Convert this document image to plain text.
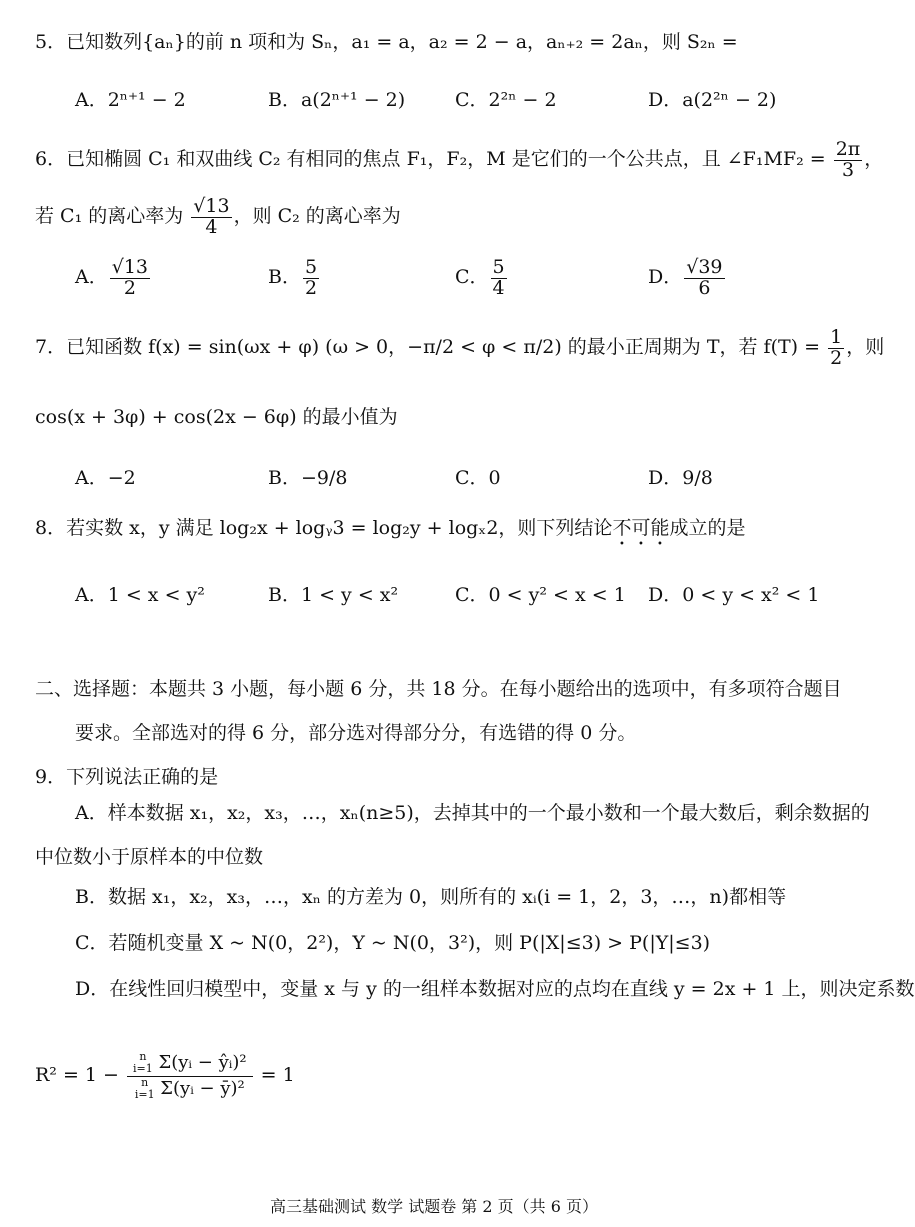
5．已知数列{aₙ}的前 n 项和为 Sₙ，a₁ = a，a₂ = 2 − a，aₙ₊₂ = 2aₙ，则 S₂ₙ =
A．2ⁿ⁺¹ − 2	B．a(2ⁿ⁺¹ − 2)	C．2²ⁿ − 2	D．a(2²ⁿ − 2)
6．已知椭圆 C₁ 和双曲线 C₂ 有相同的焦点 F₁，F₂，M 是它们的一个公共点，且 ∠F₁MF₂ = $\frac{2\pi}{3}$ ，
若 C₁ 的离心率为 $\frac{√13}{4}$ ，则 C₂ 的离心率为
A． $\frac{√13}{2}$	B． $\frac{5}{2}$	C． $\frac{5}{4}$	D． $\frac{√39}{6}$
7．已知函数 f(x) = sin(ωx + φ) (ω > 0，−π/2 < φ < π/2) 的最小正周期为 T，若 $f(T) = \frac{1}{2}$ ，则
cos(x + 3φ) + cos(2x − 6φ) 的最小值为
A．−2	B．−9/8	C．0	D．9/8
8．若实数 x，y 满足 log₂x + logᵧ3 = log₂y + logₓ2，则下列结论不可能成立的是
A．1 < x < y²	B．1 < y < x²	C．0 < y² < x < 1 D．0 < y < x² < 1
二、选择题：本题共 3 小题，每小题 6 分，共 18 分。在每小题给出的选项中，有多项符合题目
要求。全部选对的得 6 分，部分选对得部分分，有选错的得 0 分。
9．下列说法正确的是
A．样本数据 x₁，x₂，x₃，…，xₙ(n≥5)，去掉其中的一个最小数和一个最大数后，剩余数据的
中位数小于原样本的中位数
B．数据 x₁，x₂，x₃，…，xₙ 的方差为 0，则所有的 xᵢ(i = 1，2，3，…，n)都相等
C．若随机变量 X ~ N(0，2²)，Y ~ N(0，3²)，则 P(|X|≤3) > P(|Y|≤3)
D．在线性回归模型中，变量 x 与 y 的一组样本数据对应的点均在直线 y = 2x + 1 上，则决定系数
R² = 1 − n
i=1 Σ(yᵢ − ŷᵢ)²
n
i=1 Σ(yᵢ − ȳ)² = 1
高三基础测试 数学 试题卷 第 2 页（共 6 页）
